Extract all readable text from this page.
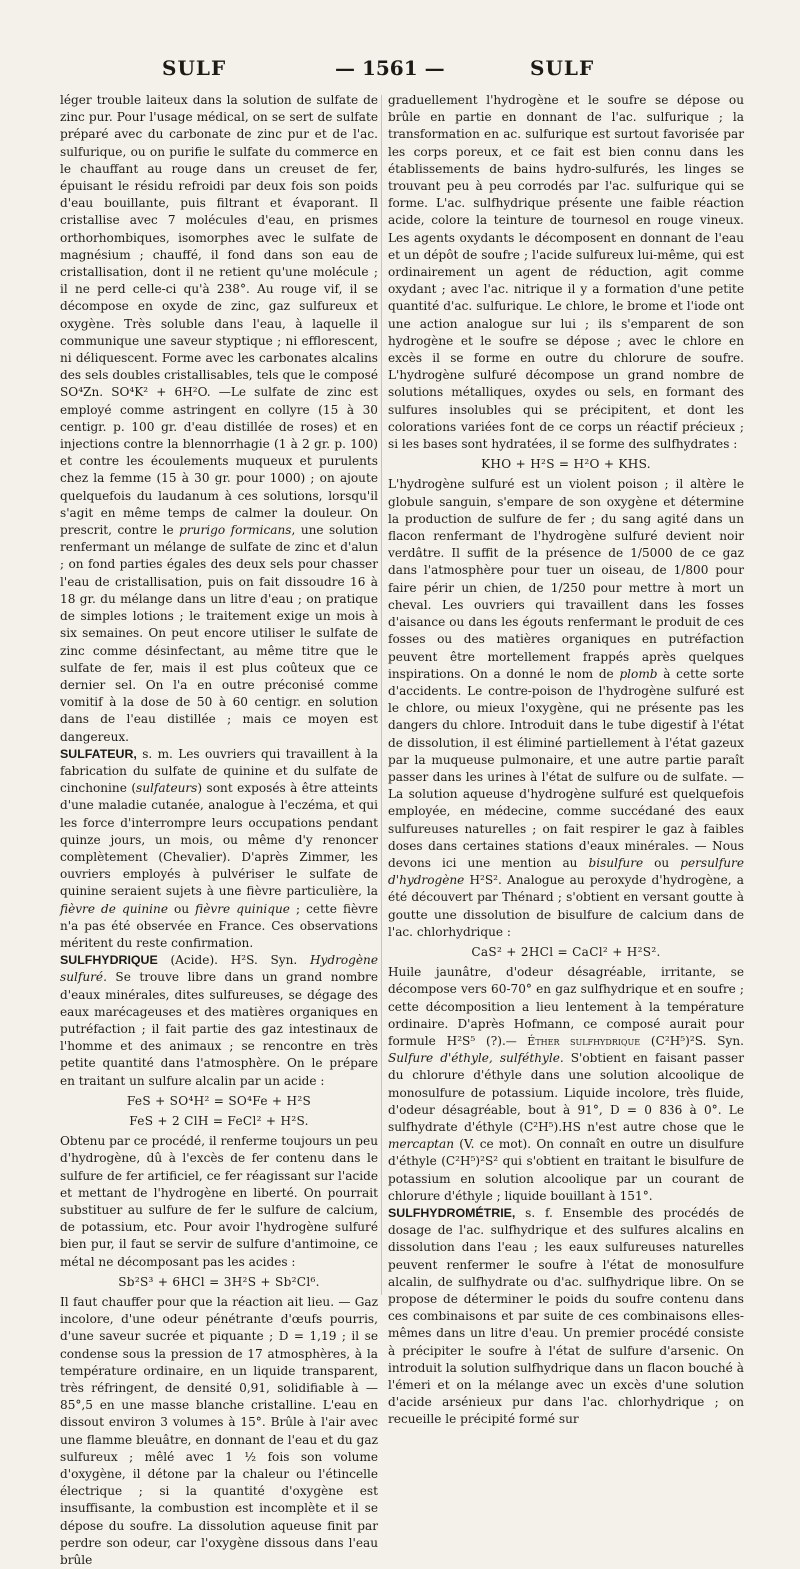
SULF	— 1561 —	SULF

léger trouble laiteux dans la solution de sulfate de zinc pur. Pour l'usage médical, on se sert de sulfate préparé avec du carbonate de zinc pur et de l'ac. sulfurique, ou on purifie le sulfate du commerce en le chauffant au rouge dans un creuset de fer, épuisant le résidu refroidi par deux fois son poids d'eau bouillante, puis filtrant et évaporant. Il cristallise avec 7 molécules d'eau, en prismes orthorhombiques, isomorphes avec le sulfate de magnésium ; chauffé, il fond dans son eau de cristallisation, dont il ne retient qu'une molécule ; il ne perd celle-ci qu'à 238°. Au rouge vif, il se décompose en oxyde de zinc, gaz sulfureux et oxygène. Très soluble dans l'eau, à laquelle il communique une saveur styptique ; ni efflorescent, ni déliquescent. Forme avec les carbonates alcalins des sels doubles cristallisables, tels que le composé SO⁴Zn. SO⁴K² + 6H²O. —Le sulfate de zinc est employé comme astringent en collyre (15 à 30 centigr. p. 100 gr. d'eau distillée de roses) et en injections contre la blennorrhagie (1 à 2 gr. p. 100) et contre les écoulements muqueux et purulents chez la femme (15 à 30 gr. pour 1000) ; on ajoute quelquefois du laudanum à ces solutions, lorsqu'il s'agit en même temps de calmer la douleur. On prescrit, contre le prurigo formicans, une solution renfermant un mélange de sulfate de zinc et d'alun ; on fond parties égales des deux sels pour chasser l'eau de cristallisation, puis on fait dissoudre 16 à 18 gr. du mélange dans un litre d'eau ; on pratique de simples lotions ; le traitement exige un mois à six semaines. On peut encore utiliser le sulfate de zinc comme désinfectant, au même titre que le sulfate de fer, mais il est plus coûteux que ce dernier sel. On l'a en outre préconisé comme vomitif à la dose de 50 à 60 centigr. en solution dans de l'eau distillée ; mais ce moyen est dangereux.

SULFATEUR, s. m. Les ouvriers qui travaillent à la fabrication du sulfate de quinine et du sulfate de cinchonine (sulfateurs) sont exposés à être atteints d'une maladie cutanée, analogue à l'eczéma, et qui les force d'interrompre leurs occupations pendant quinze jours, un mois, ou même d'y renoncer complètement (Chevalier). D'après Zimmer, les ouvriers employés à pulvériser le sulfate de quinine seraient sujets à une fièvre particulière, la fièvre de quinine ou fièvre quinique ; cette fièvre n'a pas été observée en France. Ces observations méritent du reste confirmation.

SULFHYDRIQUE (Acide). H²S. Syn. Hydrogène sulfuré. Se trouve libre dans un grand nombre d'eaux minérales, dites sulfureuses, se dégage des eaux marécageuses et des matières organiques en putréfaction ; il fait partie des gaz intestinaux de l'homme et des animaux ; se rencontre en très petite quantité dans l'atmosphère. On le prépare en traitant un sulfure alcalin par un acide :

FeS + SO⁴H² = SO⁴Fe + H²S

FeS + 2 ClH = FeCl² + H²S.

Obtenu par ce procédé, il renferme toujours un peu d'hydrogène, dû à l'excès de fer contenu dans le sulfure de fer artificiel, ce fer réagissant sur l'acide et mettant de l'hydrogène en liberté. On pourrait substituer au sulfure de fer le sulfure de calcium, de potassium, etc. Pour avoir l'hydrogène sulfuré bien pur, il faut se servir de sulfure d'antimoine, ce métal ne décomposant pas les acides :

Sb²S³ + 6HCl = 3H²S + Sb²Cl⁶.

Il faut chauffer pour que la réaction ait lieu. — Gaz incolore, d'une odeur pénétrante d'œufs pourris, d'une saveur sucrée et piquante ; D = 1,19 ; il se condense sous la pression de 17 atmosphères, à la température ordinaire, en un liquide transparent, très réfringent, de densité 0,91, solidifiable à — 85°,5 en une masse blanche cristalline. L'eau en dissout environ 3 volumes à 15°. Brûle à l'air avec une flamme bleuâtre, en donnant de l'eau et du gaz sulfureux ; mêlé avec 1 ½ fois son volume d'oxygène, il détone par la chaleur ou l'étincelle électrique ; si la quantité d'oxygène est insuffisante, la combustion est incomplète et il se dépose du soufre. La dissolution aqueuse finit par perdre son odeur, car l'oxygène dissous dans l'eau brûle

graduellement l'hydrogène et le soufre se dépose ou brûle en partie en donnant de l'ac. sulfurique ; la transformation en ac. sulfurique est surtout favorisée par les corps poreux, et ce fait est bien connu dans les établissements de bains hydro-sulfurés, les linges se trouvant peu à peu corrodés par l'ac. sulfurique qui se forme. L'ac. sulfhydrique présente une faible réaction acide, colore la teinture de tournesol en rouge vineux. Les agents oxydants le décomposent en donnant de l'eau et un dépôt de soufre ; l'acide sulfureux lui-même, qui est ordinairement un agent de réduction, agit comme oxydant ; avec l'ac. nitrique il y a formation d'une petite quantité d'ac. sulfurique. Le chlore, le brome et l'iode ont une action analogue sur lui ; ils s'emparent de son hydrogène et le soufre se dépose ; avec le chlore en excès il se forme en outre du chlorure de soufre. L'hydrogène sulfuré décompose un grand nombre de solutions métalliques, oxydes ou sels, en formant des sulfures insolubles qui se précipitent, et dont les colorations variées font de ce corps un réactif précieux ; si les bases sont hydratées, il se forme des sulfhydrates :

KHO + H²S = H²O + KHS.

L'hydrogène sulfuré est un violent poison ; il altère le globule sanguin, s'empare de son oxygène et détermine la production de sulfure de fer ; du sang agité dans un flacon renfermant de l'hydrogène sulfuré devient noir verdâtre. Il suffit de la présence de 1/5000 de ce gaz dans l'atmosphère pour tuer un oiseau, de 1/800 pour faire périr un chien, de 1/250 pour mettre à mort un cheval. Les ouvriers qui travaillent dans les fosses d'aisance ou dans les égouts renfermant le produit de ces fosses ou des matières organiques en putréfaction peuvent être mortellement frappés après quelques inspirations. On a donné le nom de plomb à cette sorte d'accidents. Le contre-poison de l'hydrogène sulfuré est le chlore, ou mieux l'oxygène, qui ne présente pas les dangers du chlore. Introduit dans le tube digestif à l'état de dissolution, il est éliminé partiellement à l'état gazeux par la muqueuse pulmonaire, et une autre partie paraît passer dans les urines à l'état de sulfure ou de sulfate. — La solution aqueuse d'hydrogène sulfuré est quelquefois employée, en médecine, comme succédané des eaux sulfureuses naturelles ; on fait respirer le gaz à faibles doses dans certaines stations d'eaux minérales. — Nous devons ici une mention au bisulfure ou persulfure d'hydrogène H²S². Analogue au peroxyde d'hydrogène, a été découvert par Thénard ; s'obtient en versant goutte à goutte une dissolution de bisulfure de calcium dans de l'ac. chlorhydrique :

CaS² + 2HCl = CaCl² + H²S².

Huile jaunâtre, d'odeur désagréable, irritante, se décompose vers 60-70° en gaz sulfhydrique et en soufre ; cette décomposition a lieu lentement à la température ordinaire. D'après Hofmann, ce composé aurait pour formule H²S⁵ (?).— Éther sulfhydrique (C²H⁵)²S. Syn. Sulfure d'éthyle, sulféthyle. S'obtient en faisant passer du chlorure d'éthyle dans une solution alcoolique de monosulfure de potassium. Liquide incolore, très fluide, d'odeur désagréable, bout à 91°, D = 0 836 à 0°. Le sulfhydrate d'éthyle (C²H⁵).HS n'est autre chose que le mercaptan (V. ce mot). On connaît en outre un disulfure d'éthyle (C²H⁵)²S² qui s'obtient en traitant le bisulfure de potassium en solution alcoolique par un courant de chlorure d'éthyle ; liquide bouillant à 151°.

SULFHYDROMÉTRIE, s. f. Ensemble des procédés de dosage de l'ac. sulfhydrique et des sulfures alcalins en dissolution dans l'eau ; les eaux sulfureuses naturelles peuvent renfermer le soufre à l'état de monosulfure alcalin, de sulfhydrate ou d'ac. sulfhydrique libre. On se propose de déterminer le poids du soufre contenu dans ces combinaisons et par suite de ces combinaisons elles-mêmes dans un litre d'eau. Un premier procédé consiste à précipiter le soufre à l'état de sulfure d'arsenic. On introduit la solution sulfhydrique dans un flacon bouché à l'émeri et on la mélange avec un excès d'une solution d'acide arsénieux pur dans l'ac. chlorhydrique ; on recueille le précipité formé sur
